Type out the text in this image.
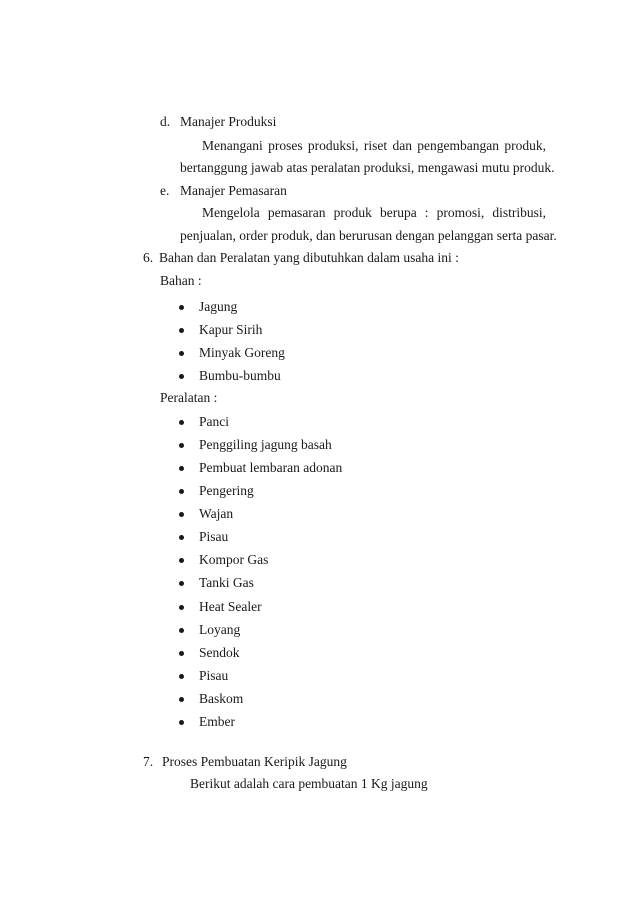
d. Manajer Produksi
Menangani proses produksi, riset dan pengembangan produk,
bertanggung jawab atas peralatan produksi, mengawasi mutu produk.
e. Manajer Pemasaran
Mengelola pemasaran produk berupa : promosi, distribusi,
penjualan, order produk, dan berurusan dengan pelanggan serta pasar.
6. Bahan dan Peralatan yang dibutuhkan dalam usaha ini :
Bahan :
Jagung
Kapur Sirih
Minyak Goreng
Bumbu-bumbu
Peralatan :
Panci
Penggiling jagung basah
Pembuat lembaran adonan
Pengering
Wajan
Pisau
Kompor Gas
Tanki Gas
Heat Sealer
Loyang
Sendok
Pisau
Baskom
Ember
7. Proses Pembuatan Keripik Jagung
Berikut adalah cara pembuatan 1 Kg jagung
